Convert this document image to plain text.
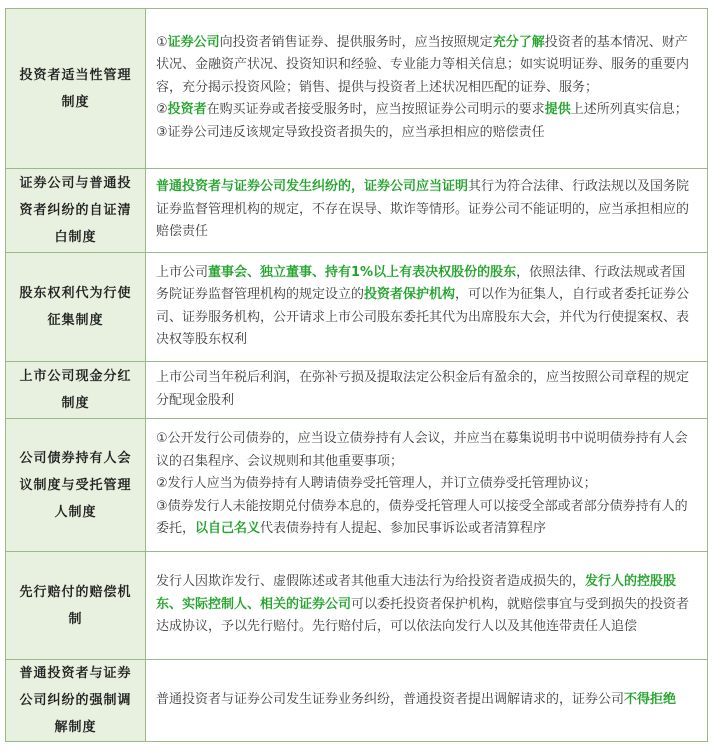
投资者适当性管理制度	①证券公司向投资者销售证券、提供服务时，应当按照规定充分了解投资者的基本情况、财产状况、金融资产状况、投资知识和经验、专业能力等相关信息；如实说明证券、服务的重要内容，充分揭示投资风险；销售、提供与投资者上述状况相匹配的证券、服务；
②投资者在购买证券或者接受服务时，应当按照证券公司明示的要求提供上述所列真实信息；
③证券公司违反该规定导致投资者损失的，应当承担相应的赔偿责任

证券公司与普通投资者纠纷的自证清白制度	普通投资者与证券公司发生纠纷的，证券公司应当证明其行为符合法律、行政法规以及国务院证券监督管理机构的规定，不存在误导、欺诈等情形。证券公司不能证明的，应当承担相应的赔偿责任

股东权利代为行使征集制度	上市公司董事会、独立董事、持有1%以上有表决权股份的股东，依照法律、行政法规或者国务院证券监督管理机构的规定设立的投资者保护机构，可以作为征集人，自行或者委托证券公司、证券服务机构，公开请求上市公司股东委托其代为出席股东大会，并代为行使提案权、表决权等股东权利

上市公司现金分红制度	上市公司当年税后利润，在弥补亏损及提取法定公积金后有盈余的，应当按照公司章程的规定分配现金股利

公司债券持有人会议制度与受托管理人制度	①公开发行公司债券的，应当设立债券持有人会议，并应当在募集说明书中说明债券持有人会议的召集程序、会议规则和其他重要事项；
②发行人应当为债券持有人聘请债券受托管理人，并订立债券受托管理协议；
③债券发行人未能按期兑付债券本息的，债券受托管理人可以接受全部或者部分债券持有人的委托，以自己名义代表债券持有人提起、参加民事诉讼或者清算程序

先行赔付的赔偿机制	发行人因欺诈发行、虚假陈述或者其他重大违法行为给投资者造成损失的，发行人的控股股东、实际控制人、相关的证券公司可以委托投资者保护机构，就赔偿事宜与受到损失的投资者达成协议，予以先行赔付。先行赔付后，可以依法向发行人以及其他连带责任人追偿

普通投资者与证券公司纠纷的强制调解制度	普通投资者与证券公司发生证券业务纠纷，普通投资者提出调解请求的，证券公司不得拒绝
